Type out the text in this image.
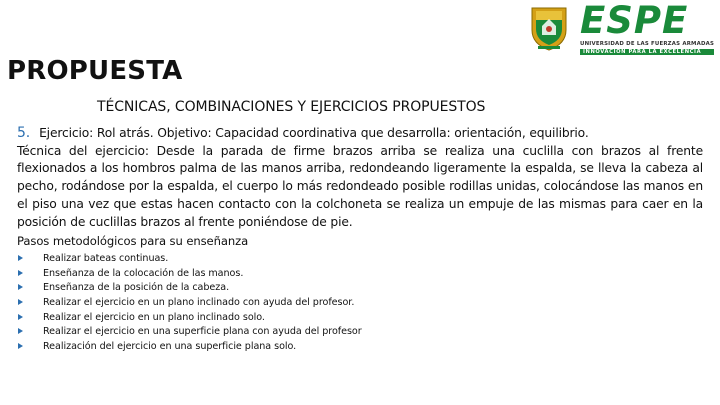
ESPE
UNIVERSIDAD DE LAS FUERZAS ARMADAS
INNOVACIÓN PARA LA EXCELENCIA
PROPUESTA
TÉCNICAS, COMBINACIONES Y EJERCICIOS PROPUESTOS
5. Ejercicio: Rol atrás. Objetivo: Capacidad coordinativa que desarrolla: orientación, equilibrio.
Técnica del ejercicio: Desde la parada de firme brazos arriba se realiza una cuclilla con brazos al frente flexionados a los hombros palma de las manos arriba, redondeando ligeramente la espalda, se lleva la cabeza al pecho, rodándose por la espalda, el cuerpo lo más redondeado posible rodillas unidas, colocándose las manos en el piso una vez que estas hacen contacto con la colchoneta se realiza un empuje de las mismas para caer en la posición de cuclillas brazos al frente poniéndose de pie.
Pasos metodológicos para su enseñanza
Realizar bateas continuas.
Enseñanza de la colocación de las manos.
Enseñanza de la posición de la cabeza.
Realizar el ejercicio en un plano inclinado con ayuda del profesor.
Realizar el ejercicio en un plano inclinado solo.
Realizar el ejercicio en una superficie plana con ayuda del profesor
Realización del ejercicio en una superficie plana solo.
